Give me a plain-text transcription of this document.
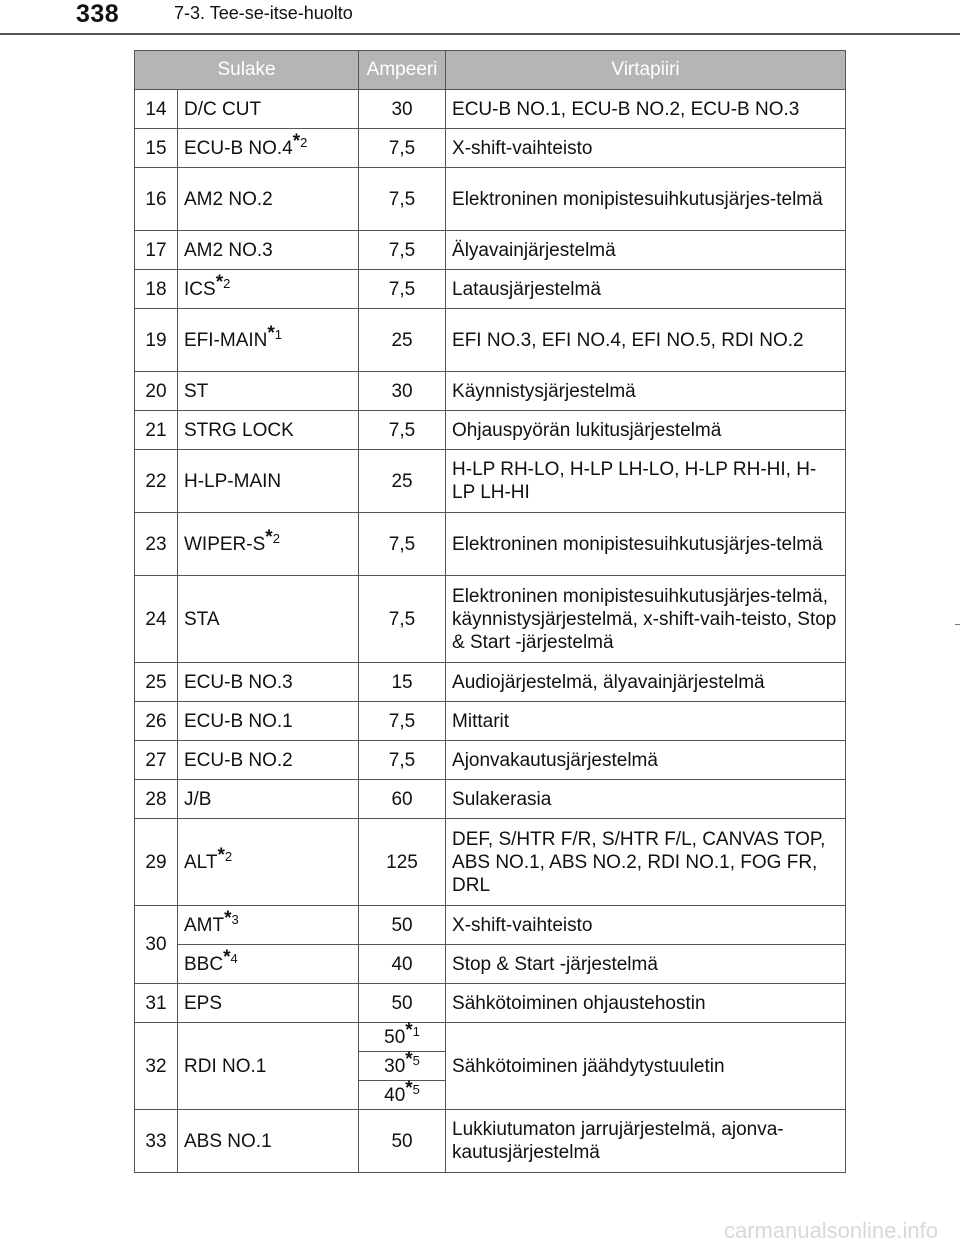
338	7-3. Tee-se-itse-huolto
Sulake		Ampeeri	Virtapiiri
14	D/C CUT	30	ECU-B NO.1, ECU-B NO.2, ECU-B NO.3
15	ECU-B NO.4$^{*2}$	7,5	X-shift-vaihteisto
16	AM2 NO.2	7,5	Elektroninen monipistesuihkutusjärjes-telmä
17	AM2 NO.3	7,5	Älyavainjärjestelmä
18	ICS$^{*2}$	7,5	Latausjärjestelmä
19	EFI-MAIN$^{*1}$	25	EFI NO.3, EFI NO.4, EFI NO.5, RDI NO.2
20	ST	30	Käynnistysjärjestelmä
21	STRG LOCK	7,5	Ohjauspyörän lukitusjärjestelmä
22	H-LP-MAIN	25	H-LP RH-LO, H-LP LH-LO, H-LP RH-HI, H-LP LH-HI
23	WIPER-$S^{*2}$	7,5	Elektroninen monipistesuihkutusjärjes-telmä
24	STA	7,5	Elektroninen monipistesuihkutusjärjes-telmä, käynnistysjärjestelmä, x-shift-vaih-teisto, Stop & Start -järjestelmä
25	ECU-B NO.3	15	Audiojärjestelmä, älyavainjärjestelmä
26	ECU-B NO.1	7,5	Mittarit
27	ECU-B NO.2	7,5	Ajonvakautusjärjestelmä
28	J/B	60	Sulakerasia
29	ALT$^{*2}$	125	DEF, S/HTR F/R, S/HTR F/L, CANVAS TOP, ABS NO.1, ABS NO.2, RDI NO.1, FOG FR, DRL
30	AMT$^{*3}$	50	X-shift-vaihteisto
	BBC$^{*4}$	40	Stop & Start -järjestelmä
31	EPS	50	Sähkötoiminen ohjaustehostin
32	RDI NO.1	50$^{*1}$	Sähkötoiminen jäähdytystuuletin
		30$^{*5}$
		40$^{*5}$
33	ABS NO.1	50	Lukkiutumaton jarrujärjestelmä, ajonva-kautusjärjestelmä
carmanualsonline.info
